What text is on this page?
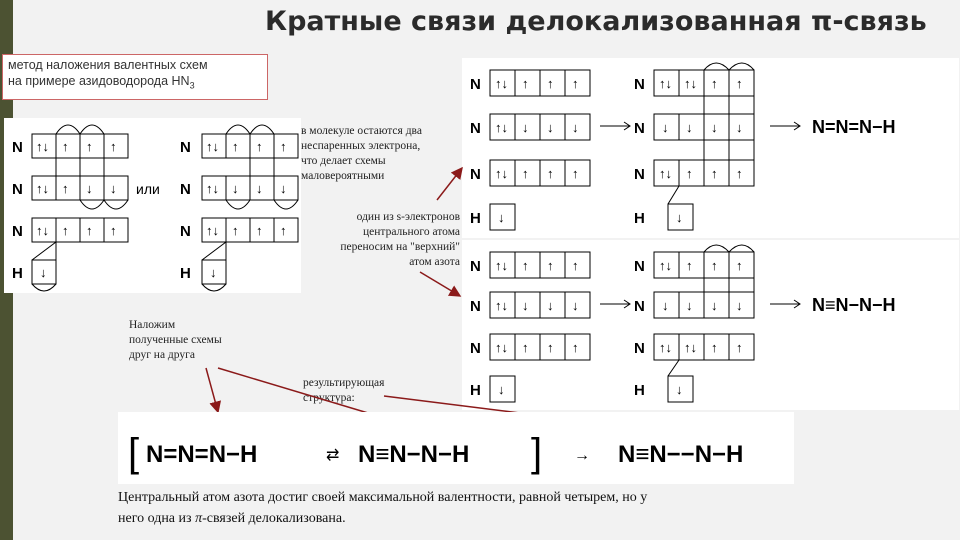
Кратные связи делокализованная π-связь
метод наложения валентных схем
на примере азидоводорода $HN_3$
N
N
N
H
или
N
N
N
H
↑↓ ↑ ↑ ↑
↑↓ ↑ ↓ ↓
↑↓ ↑ ↑ ↑
↓
↑↓ ↑ ↑ ↑
↑↓ ↓ ↓ ↓
↑↓ ↑ ↑ ↑
↓
N
N
N
H
N
N
N
H
N=N=N−H
↑↓ ↑ ↑ ↑
↑↓ ↓ ↓ ↓
↑↓ ↑ ↑ ↑
↓
↑↓ ↑↓ ↑ ↑
↓ ↓ ↓ ↓
↑↓ ↑ ↑ ↑
↓
N
N
N
H
N
N
N
H
N≡N−N−H
↑↓ ↑ ↑ ↑
↑↓ ↓ ↓ ↓
↑↓ ↑ ↑ ↑
↓
↑↓ ↑ ↑ ↑
↓ ↓ ↓ ↓
↑↓ ↑↓ ↑ ↑
↓
в молекуле остаются два
неспаренных электрона,
что делает схемы
маловероятными
один из s-электронов
центрального атома
переносим на "верхний"
атом азота
Наложим
полученные схемы
друг на друга
результирующая
структура:
[ N=N=N−H	⇄ N≡N−N−H ] → N≡N−−N−H
Центральный атом азота достиг своей максимальной валентности, равной четырем, но у
него одна из π-связей делокализована.
